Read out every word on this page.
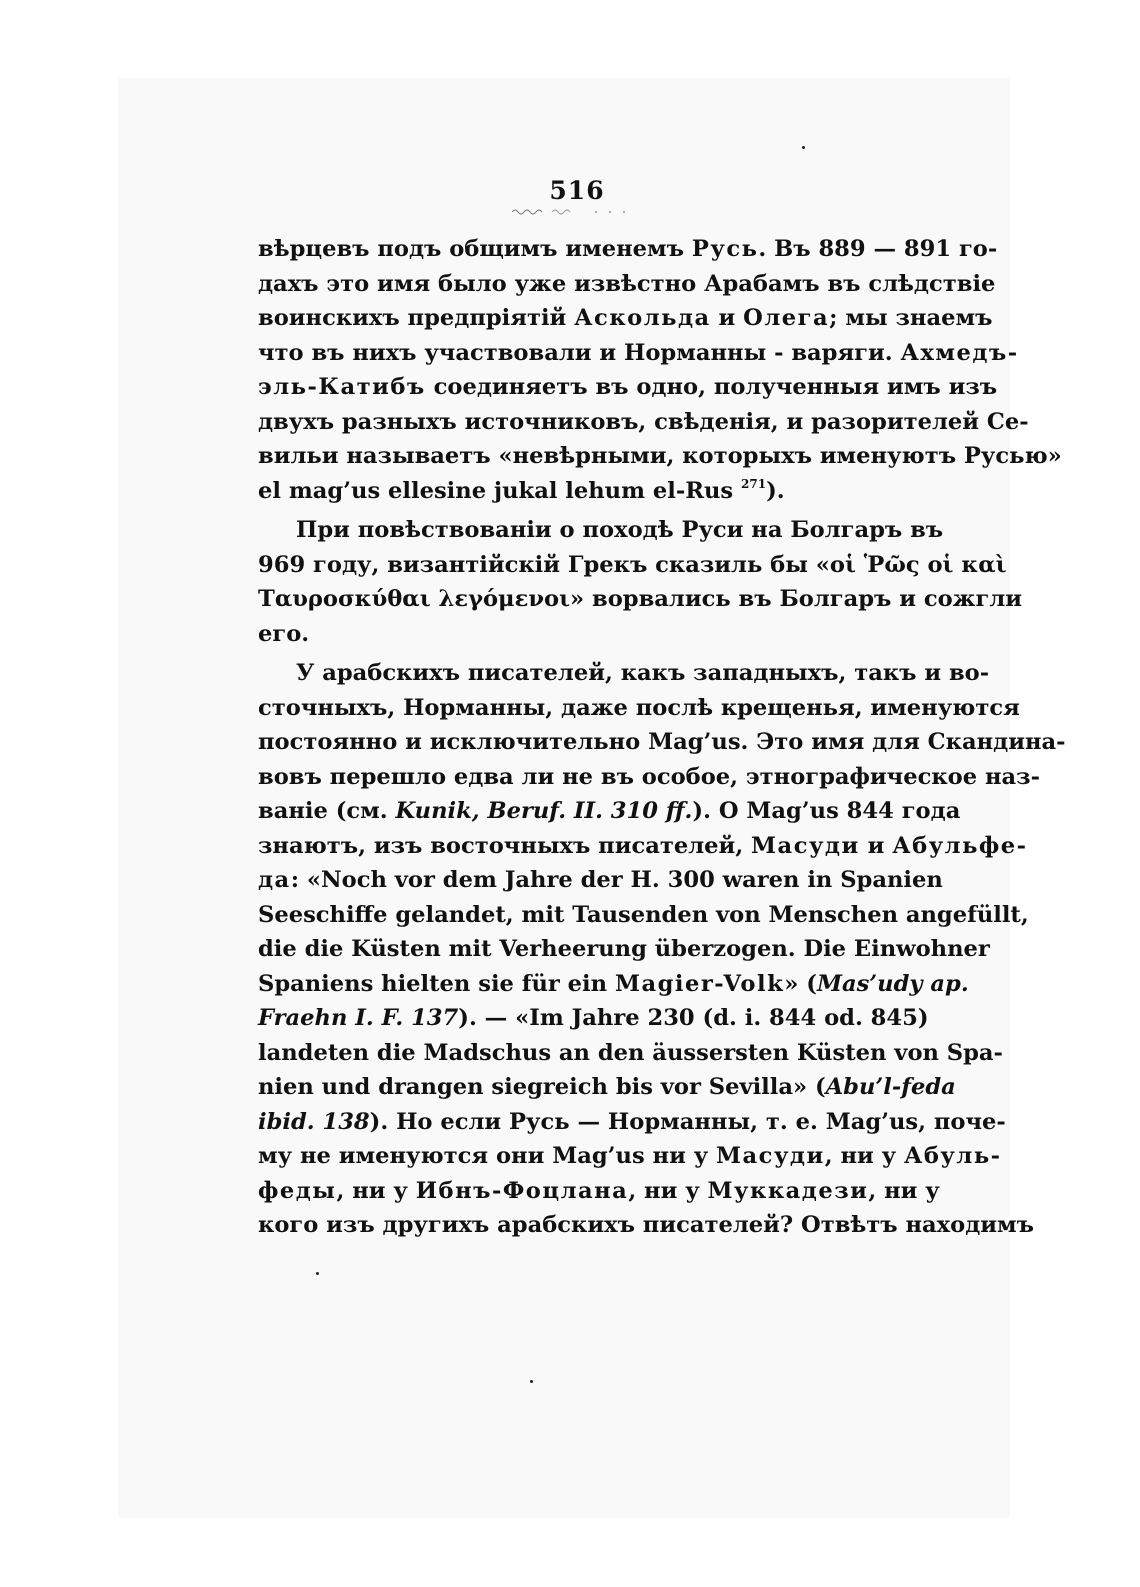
516
вѣрцевъ подъ общимъ именемъ Русь. Въ 889 — 891 го-
дахъ это имя было уже извѣстно Арабамъ въ слѣдствіе
воинскихъ предпріятій Аскольда и Олега; мы знаемъ
что въ нихъ участвовали и Норманны - варяги. Ахмедъ-
эль-Катибъ соединяетъ въ одно, полученныя имъ изъ
двухъ разныхъ источниковъ, свѣденія, и разорителей Се-
вильи называетъ «невѣрными, которыхъ именуютъ Русью»
el mag’us ellesine jukal lehum el-Rus $^{271}$).
При повѣствованіи о походѣ Руси на Болгаръ въ
969 году, византійскій Грекъ сказиль бы «οἱ Ῥῶς οἱ καὶ
Ταυροσκύθαι λεγόμενοι» ворвались въ Болгаръ и сожгли
его.
У арабскихъ писателей, какъ западныхъ, такъ и во-
сточныхъ, Норманны, даже послѣ крещенья, именуются
постоянно и исключительно Mag’us. Это имя для Скандина-
вовъ перешло едва ли не въ особое, этнографическое наз-
ваніе (см. Kunik, Beruf. II. 310 ff.). О Mag’us 844 года
знаютъ, изъ восточныхъ писателей, Масуди и Абульфе-
да: «Noch vor dem Jahre der H. 300 waren in Spanien
Seeschiffe gelandet, mit Tausenden von Menschen angefüllt,
die die Küsten mit Verheerung überzogen. Die Einwohner
Spaniens hielten sie für ein Magier-Volk» (Mas’udy ap.
Fraehn I. F. 137). — «Im Jahre 230 (d. i. 844 od. 845)
landeten die Madschus an den äussersten Küsten von Spa-
nien und drangen siegreich bis vor Sevilla» (Abu’l-feda
ibid. 138). Но если Русь — Норманны, т. е. Mag’us, поче-
му не именуются они Mag’us ни у Масуди, ни у Абуль-
феды, ни у Ибнъ-Фоцлана, ни у Муккадези, ни у
кого изъ другихъ арабскихъ писателей? Отвѣтъ находимъ
